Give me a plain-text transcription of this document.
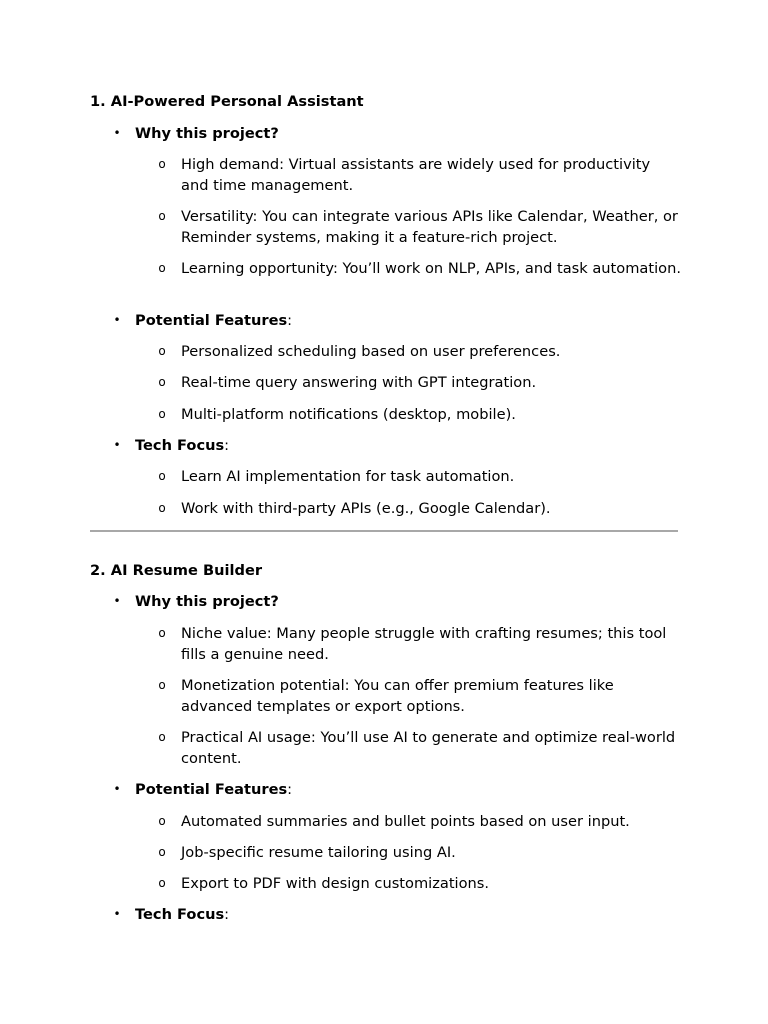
1. AI-Powered Personal Assistant
• Why this project?
o High demand: Virtual assistants are widely used for productivity and time management.
o Versatility: You can integrate various APIs like Calendar, Weather, or Reminder systems, making it a feature-rich project.
o Learning opportunity: You’ll work on NLP, APIs, and task automation.
• Potential Features:
o Personalized scheduling based on user preferences.
o Real-time query answering with GPT integration.
o Multi-platform notifications (desktop, mobile).
• Tech Focus:
o Learn AI implementation for task automation.
o Work with third-party APIs (e.g., Google Calendar).
2. AI Resume Builder
• Why this project?
o Niche value: Many people struggle with crafting resumes; this tool fills a genuine need.
o Monetization potential: You can offer premium features like advanced templates or export options.
o Practical AI usage: You’ll use AI to generate and optimize real-world content.
• Potential Features:
o Automated summaries and bullet points based on user input.
o Job-specific resume tailoring using AI.
o Export to PDF with design customizations.
• Tech Focus:
